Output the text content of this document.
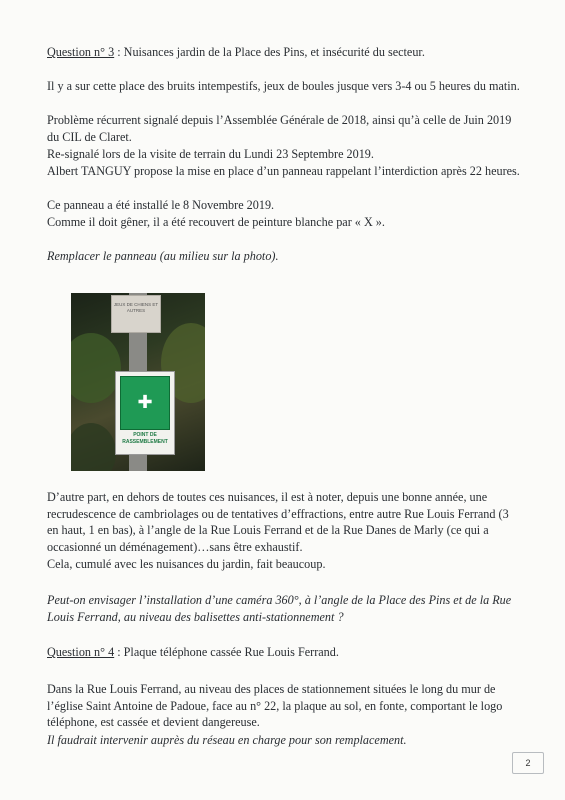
Question n° 3 : Nuisances jardin de la Place des Pins, et insécurité du secteur.
Il y a sur cette place des bruits intempestifs, jeux de boules jusque vers 3-4 ou 5 heures du matin.
Problème récurrent signalé depuis l’Assemblée Générale de 2018, ainsi qu’à celle de Juin 2019 du CIL de Claret.
Re-signalé lors de la visite de terrain du Lundi 23 Septembre 2019.
Albert TANGUY propose la mise en place d’un panneau rappelant l’interdiction après 22 heures.
Ce panneau a été installé le 8 Novembre 2019.
Comme il doit gêner, il a été recouvert de peinture blanche par « X ».
Remplacer le panneau (au milieu sur la photo).
JEUX DE CHIENS ET AUTRES
✚
POINT DE RASSEMBLEMENT
D’autre part, en dehors de toutes ces nuisances, il est à noter, depuis une bonne année, une recrudescence de cambriolages ou de tentatives d’effractions, entre autre Rue Louis Ferrand (3 en haut, 1 en bas), à l’angle de la Rue Louis Ferrand et de la Rue Danes de Marly (ce qui a occasionné un déménagement)…sans être exhaustif.
Cela, cumulé avec les nuisances du jardin, fait beaucoup.
Peut-on envisager l’installation d’une caméra 360°, à l’angle de la Place des Pins et de la Rue Louis Ferrand, au niveau des balisettes anti-stationnement ?
Question n° 4 : Plaque téléphone cassée Rue Louis Ferrand.
Dans la Rue Louis Ferrand, au niveau des places de stationnement situées le long du mur de l’église Saint Antoine de Padoue, face au n° 22, la plaque au sol, en fonte, comportant le logo téléphone, est cassée et devient dangereuse.
Il faudrait intervenir auprès du réseau en charge pour son remplacement.
2
